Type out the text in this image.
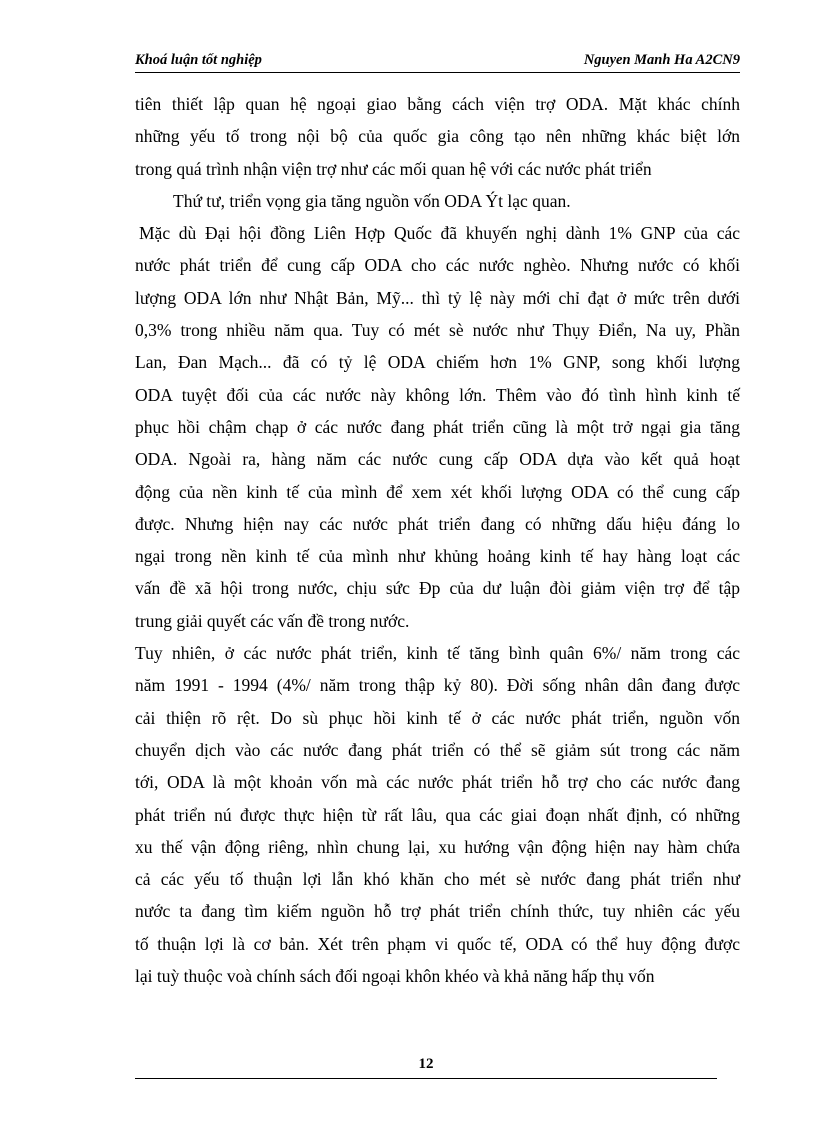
Khoá luận tốt nghiệp	Nguyen Manh Ha A2CN9
tiên thiết lập quan hệ ngoại giao bằng cách viện trợ ODA. Mặt khác chính
những yếu tố trong nội bộ của quốc gia công tạo nên những khác biệt lớn
trong quá trình nhận viện trợ như các mối quan hệ với các nước phát triển
Thứ tư, triển vọng gia tăng nguồn vốn ODA Ýt lạc quan.
Mặc dù Đại hội đồng Liên Hợp Quốc đã khuyến nghị dành 1% GNP của các
nước phát triển để cung cấp ODA cho các nước nghèo. Nhưng nước có khối
lượng ODA lớn như Nhật Bản, Mỹ... thì tỷ lệ này mới chỉ đạt ở mức trên dưới
0,3% trong nhiều năm qua. Tuy có mét sè nước như Thụy Điển, Na uy, Phần
Lan, Đan Mạch... đã có tỷ lệ ODA chiếm hơn 1% GNP, song khối lượng
ODA tuyệt đối của các nước này không lớn. Thêm vào đó tình hình kinh tế
phục hồi chậm chạp ở các nước đang phát triển cũng là một trở ngại gia tăng
ODA. Ngoài ra, hàng năm các nước cung cấp ODA dựa vào kết quả hoạt
động của nền kinh tế của mình để xem xét khối lượng ODA có thể cung cấp
được. Nhưng hiện nay các nước phát triển đang có những dấu hiệu đáng lo
ngại trong nền kinh tế của mình như khủng hoảng kinh tế hay hàng loạt các
vấn đề xã hội trong nước, chịu sức Ðp của dư luận đòi giảm viện trợ để tập
trung giải quyết các vấn đề trong nước.
Tuy nhiên, ở các nước phát triển, kinh tế tăng bình quân 6%/ năm trong các
năm 1991 - 1994 (4%/ năm trong thập kỷ 80). Đời sống nhân dân đang được
cải thiện rõ rệt. Do sù phục hồi kinh tế ở các nước phát triển, nguồn vốn
chuyển dịch vào các nước đang phát triển có thể sẽ giảm sút trong các năm
tới, ODA là một khoản vốn mà các nước phát triển hỗ trợ cho các nước đang
phát triển nú được thực hiện từ rất lâu, qua các giai đoạn nhất định, có những
xu thế vận động riêng, nhìn chung lại, xu hướng vận động hiện nay hàm chứa
cả các yếu tố thuận lợi lẫn khó khăn cho mét sè nước đang phát triển như
nước ta đang tìm kiếm nguồn hỗ trợ phát triển chính thức, tuy nhiên các yếu
tố thuận lợi là cơ bản. Xét trên phạm vi quốc tế, ODA có thể huy động được
lại tuỳ thuộc voà chính sách đối ngoại khôn khéo và khả năng hấp thụ vốn
12
